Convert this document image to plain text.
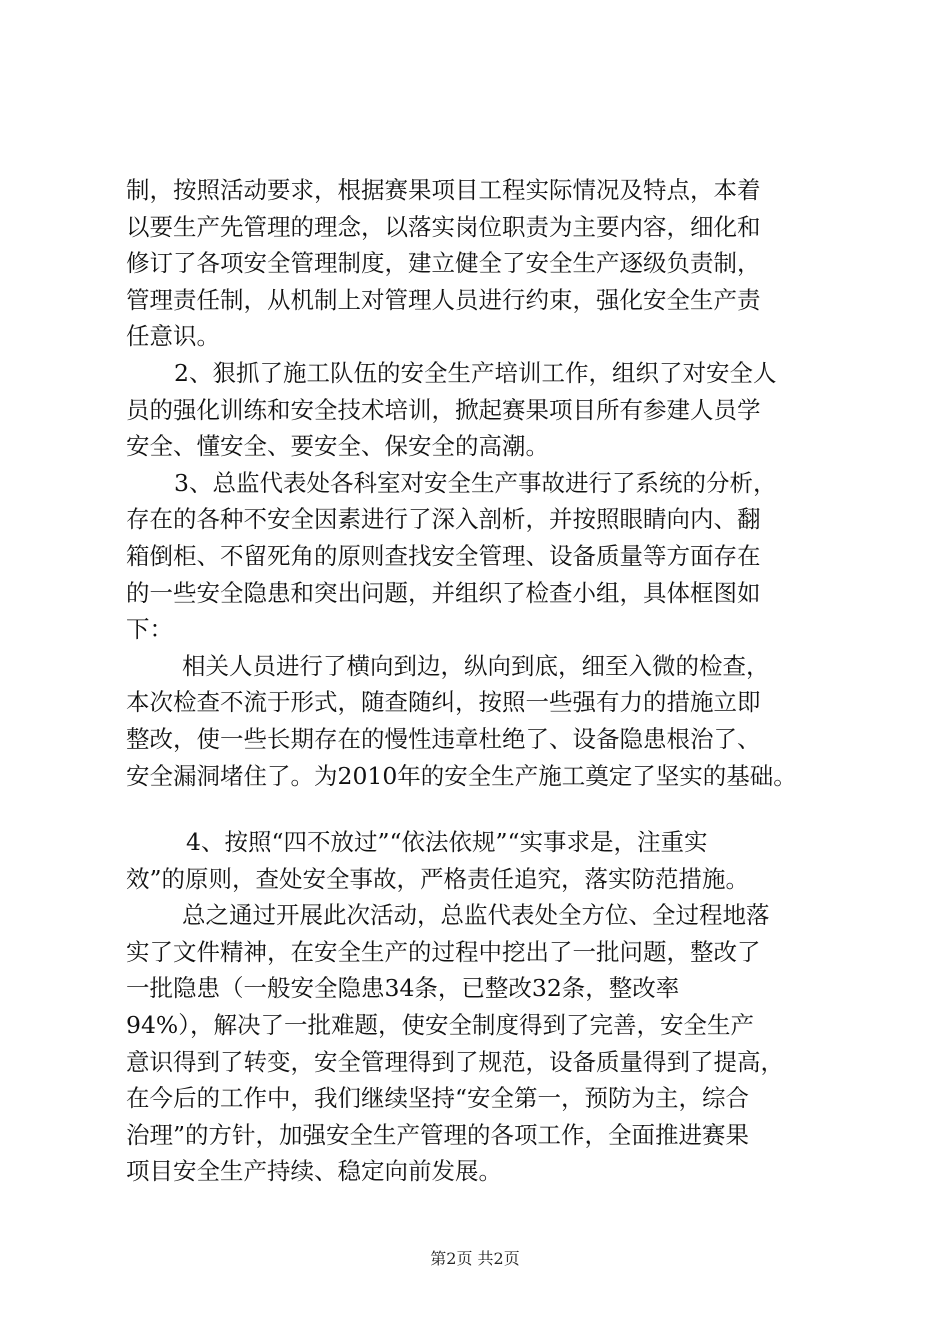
制，按照活动要求，根据赛果项目工程实际情况及特点，本着
以要生产先管理的理念，以落实岗位职责为主要内容，细化和
修订了各项安全管理制度，建立健全了安全生产逐级负责制，
管理责任制，从机制上对管理人员进行约束，强化安全生产责
任意识。

2、狠抓了施工队伍的安全生产培训工作，组织了对安全人
员的强化训练和安全技术培训，掀起赛果项目所有参建人员学
安全、懂安全、要安全、保安全的高潮。

3、总监代表处各科室对安全生产事故进行了系统的分析，
存在的各种不安全因素进行了深入剖析，并按照眼睛向内、翻
箱倒柜、不留死角的原则查找安全管理、设备质量等方面存在
的一些安全隐患和突出问题，并组织了检查小组，具体框图如
下：

相关人员进行了横向到边，纵向到底，细至入微的检查，
本次检查不流于形式，随查随纠，按照一些强有力的措施立即
整改，使一些长期存在的慢性违章杜绝了、设备隐患根治了、
安全漏洞堵住了。为2010年的安全生产施工奠定了坚实的基础。

4、按照“四不放过”“依法依规”“实事求是，注重实
效”的原则，查处安全事故，严格责任追究，落实防范措施。

总之通过开展此次活动，总监代表处全方位、全过程地落
实了文件精神，在安全生产的过程中挖出了一批问题，整改了
一批隐患（一般安全隐患34条，已整改32条，整改率
94%），解决了一批难题，使安全制度得到了完善，安全生产
意识得到了转变，安全管理得到了规范，设备质量得到了提高，
在今后的工作中，我们继续坚持“安全第一，预防为主，综合
治理”的方针，加强安全生产管理的各项工作，全面推进赛果
项目安全生产持续、稳定向前发展。

第2页 共2页
